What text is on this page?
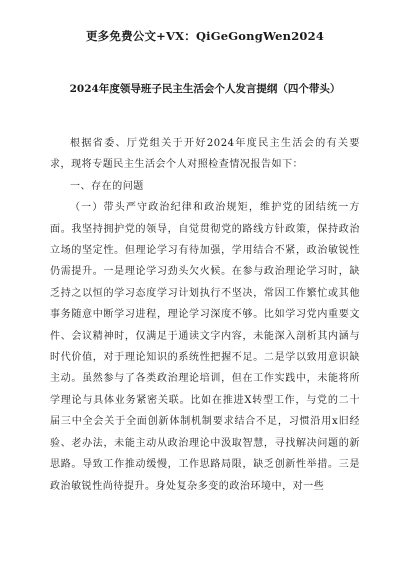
更多免费公文+VX：QiGeGongWen2024
2024年度领导班子民主生活会个人发言提纲（四个带头）

根据省委、厅党组关于开好2024年度民主生活会的有关要求，现将专题民主生活会个人对照检查情况报告如下：

一、存在的问题

（一）带头严守政治纪律和政治规矩，维护党的团结统一方面。我坚持拥护党的领导，自觉贯彻党的路线方针政策，保持政治立场的坚定性。但理论学习有待加强，学用结合不紧，政治敏锐性仍需提升。一是理论学习劲头欠火候。在参与政治理论学习时，缺乏持之以恒的学习态度学习计划执行不坚决，常因工作繁忙或其他事务随意中断学习进程，理论学习深度不够。比如学习党内重要文件、会议精神时，仅满足于通读文字内容，未能深入剖析其内涵与时代价值，对于理论知识的系统性把握不足。二是学以致用意识缺主动。虽然参与了各类政治理论培训，但在工作实践中，未能将所学理论与具体业务紧密关联。比如在推进X转型工作，与党的二十届三中全会关于全面创新体制机制要求结合不足，习惯沿用x旧经验、老办法，未能主动从政治理论中汲取智慧，寻找解决问题的新思路。导致工作推动缓慢，工作思路局限，缺乏创新性举措。三是政治敏锐性尚待提升。身处复杂多变的政治环境中，对一些
